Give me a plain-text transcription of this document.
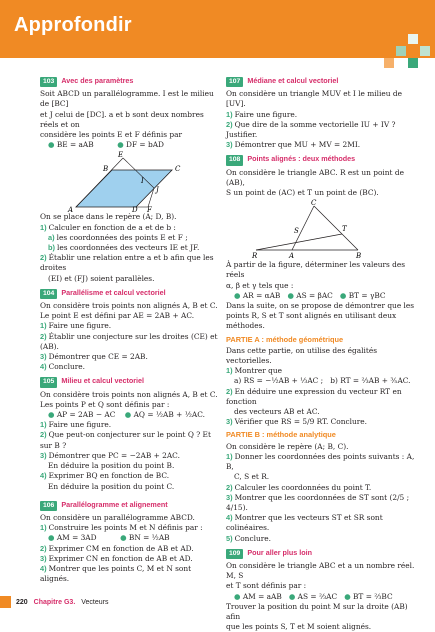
Approfondir
103 Avec des paramètres

Soit ABCD un parallélogramme. I est le milieu de [BC]

et J celui de [DC]. a et b sont deux nombres réels et on

considère les points E et F définis par

● BE = aAB	● DF = bAD

E
B
I
C
J
A	D F

On se place dans le repère (A; D, B).

1) Calculer en fonction de a et de b :

a) les coordonnées des points E et F ;

b) les coordonnées des vecteurs IE et JF.

2) Établir une relation entre a et b afin que les droites

(EI) et (FJ) soient parallèles.

104 Parallélisme et calcul vectoriel

On considère trois points non alignés A, B et C.

Le point E est défini par AE = 2AB + AC.

1) Faire une figure.

2) Établir une conjecture sur les droites (CE) et (AB).

3) Démontrer que CE = 2AB.

4) Conclure.

105 Milieu et calcul vectoriel

On considère trois points non alignés A, B et C.

Les points P et Q sont définis par :

● AP = 2AB − AC ● AQ = ½AB + ½AC.

1) Faire une figure.

2) Que peut-on conjecturer sur le point Q ? Et sur B ?

3) Démontrer que PC = −2AB + 2AC.

En déduire la position du point B.

4) Exprimer BQ en fonction de BC.

En déduire la position du point C.

106 Parallélogramme et alignement

On considère un parallélogramme ABCD.

1) Construire les points M et N définis par :

● AM = 3AD	● BN = ½AB

2) Exprimer CM en fonction de AB et AD.

3) Exprimer CN en fonction de AB et AD.

4) Montrer que les points C, M et N sont alignés.

107 Médiane et calcul vectoriel

On considère un triangle MUV et I le milieu de [UV].

1) Faire une figure.

2) Que dire de la somme vectorielle IU + IV ? Justifier.

3) Démontrer que MU + MV = 2MI.

108 Points alignés : deux méthodes

On considère le triangle ABC. R est un point de (AB),

S un point de (AC) et T un point de (BC).

C
S	T
R	A	B

À partir de la figure, déterminer les valeurs des réels

α, β et γ tels que :

● AR = αAB ● AS = βAC ● BT = γBC

Dans la suite, on se propose de démontrer que les

points R, S et T sont alignés en utilisant deux méthodes.

PARTIE A : méthode géométrique

Dans cette partie, on utilise des égalités vectorielles.

1) Montrer que

a) RS = −½AB + ⅓AC ; b) RT = ⅔AB + ⅗AC.

2) En déduire une expression du vecteur RT en fonction

des vecteurs AB et AC.

3) Vérifier que RS = 5/9 RT. Conclure.

PARTIE B : méthode analytique

On considère le repère (A; B, C).

1) Donner les coordonnées des points suivants : A, B,

C, S et R.

2) Calculer les coordonnées du point T.

3) Montrer que les coordonnées de ST sont (2/5 ; 4/15).

4) Montrer que les vecteurs ST et SR sont colinéaires.

5) Conclure.

109 Pour aller plus loin

On considère le triangle ABC et a un nombre réel. M, S

et T sont définis par :

● AM = aAB ● AS = ⅔AC ● BT = ⅔BC

Trouver la position du point M sur la droite (AB) afin

que les points S, T et M soient alignés.

220 Chapitre G3. Vecteurs
